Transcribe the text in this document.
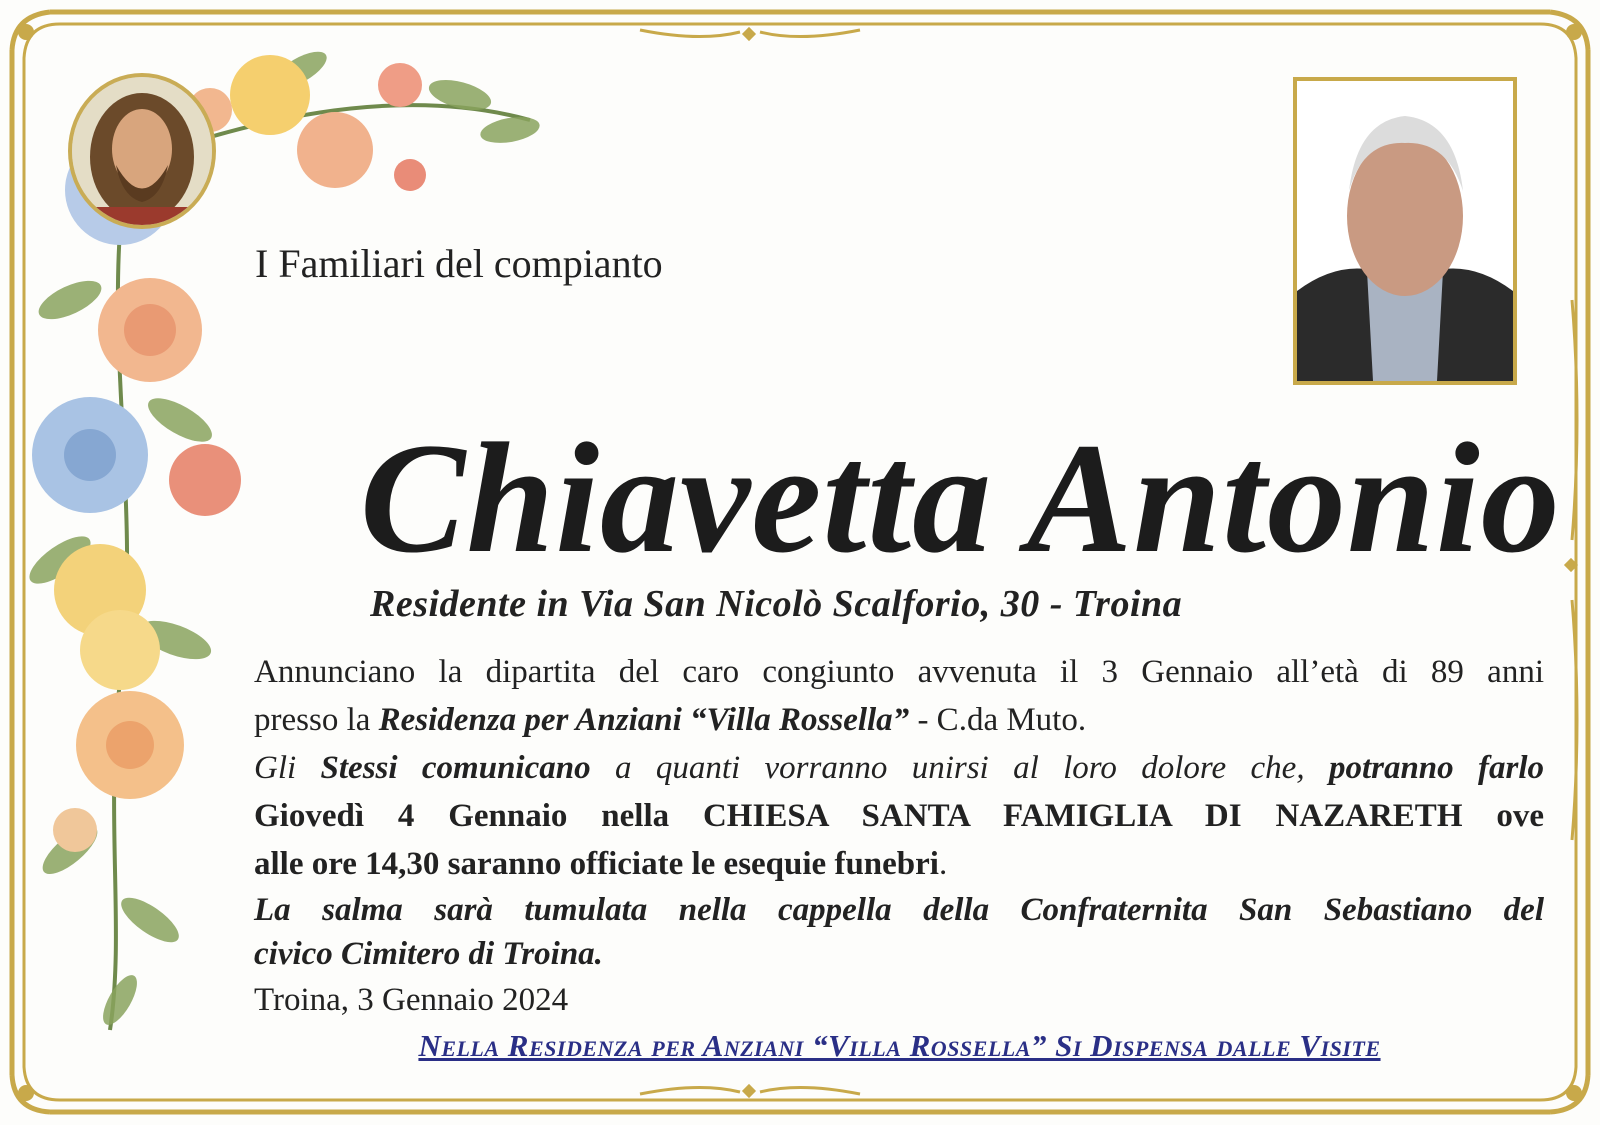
I Familiari del compianto
Chiavetta Antonio
Residente in Via San Nicolò Scalforio, 30 - Troina

Annunciano la dipartita del caro congiunto avvenuta il 3 Gennaio all’età di 89 anni

presso la Residenza per Anziani “Villa Rossella” - C.da Muto.

Gli Stessi comunicano a quanti vorranno unirsi al loro dolore che, potranno farlo

Giovedì 4 Gennaio nella CHIESA SANTA FAMIGLIA DI NAZARETH ove

alle ore 14,30 saranno officiate le esequie funebri.

La salma sarà tumulata nella cappella della Confraternita San Sebastiano del

civico Cimitero di Troina.

Troina, 3 Gennaio 2024

Nella Residenza per Anziani “Villa Rossella” Si Dispensa dalle Visite
